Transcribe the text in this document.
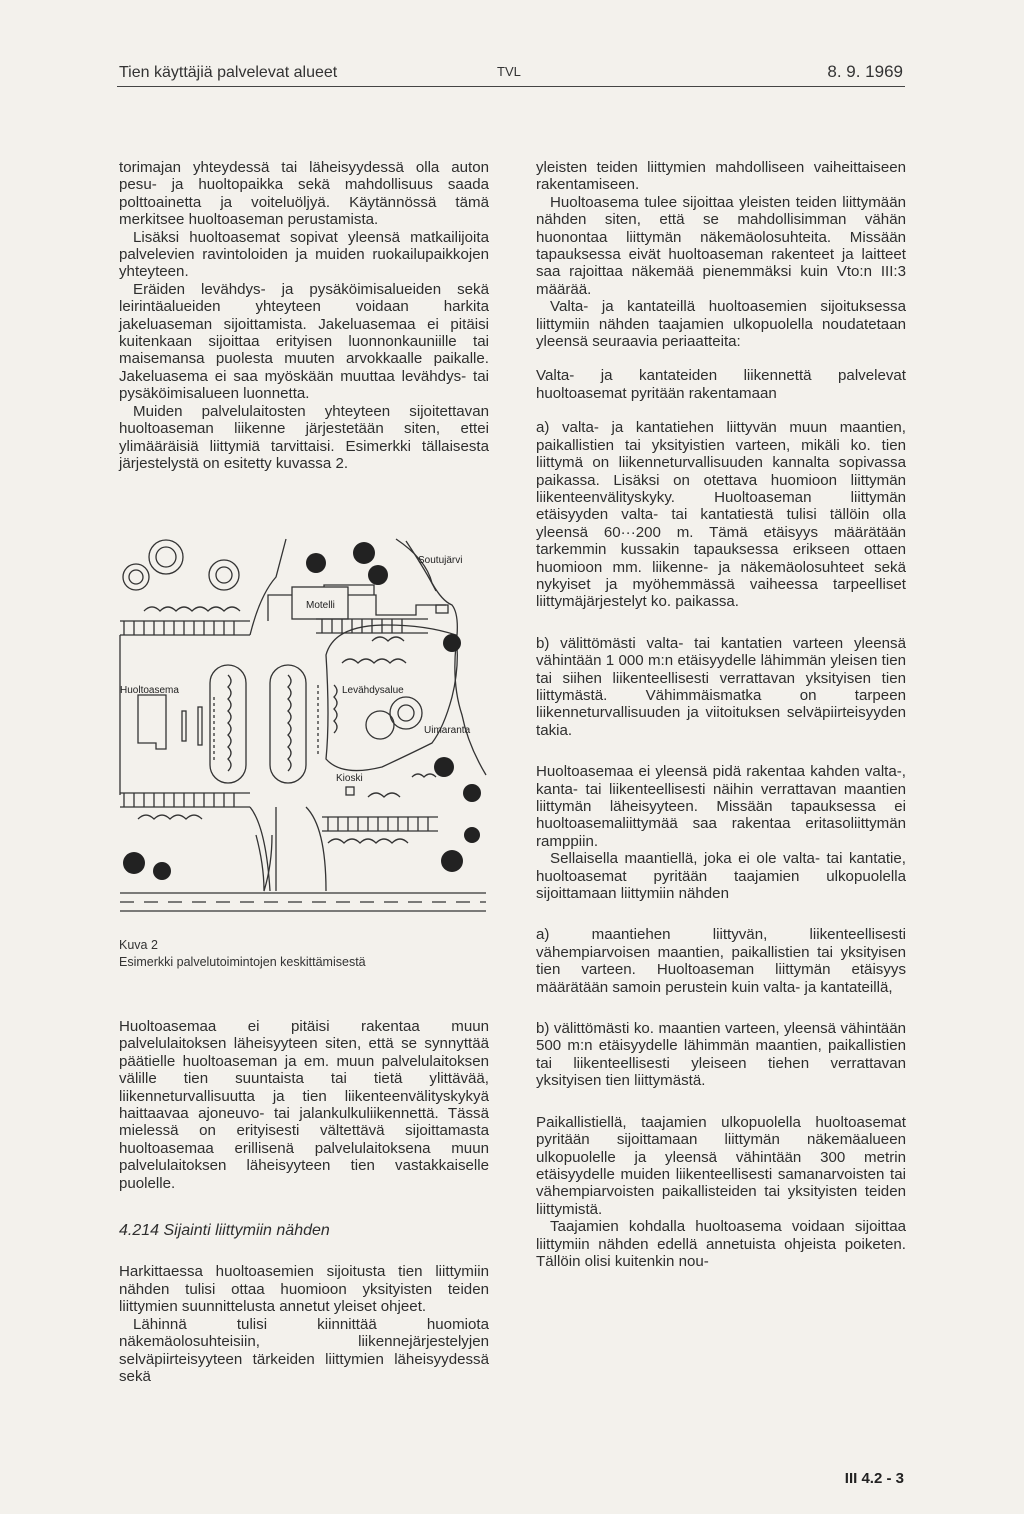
Tien käyttäjiä palvelevat alueet	TVL	8. 9. 1969

torimajan yhteydessä tai läheisyydessä olla auton pesu- ja huoltopaikka sekä mahdollisuus saada polttoainetta ja voiteluöljyä. Käytännössä tämä merkitsee huoltoaseman perustamista.

Lisäksi huoltoasemat sopivat yleensä matkailijoita palvelevien ravintoloiden ja muiden ruokailupaikkojen yhteyteen.

Eräiden levähdys- ja pysäköimisalueiden sekä leirintäalueiden yhteyteen voidaan harkita jakeluaseman sijoittamista. Jakeluasemaa ei pitäisi kuitenkaan sijoittaa erityisen luonnonkauniille tai maisemansa puolesta muuten arvokkaalle paikalle. Jakeluasema ei saa myöskään muuttaa levähdys- tai pysäköimisalueen luonnetta.

Muiden palvelulaitosten yhteyteen sijoitettavan huoltoaseman liikenne järjestetään siten, ettei ylimääräisiä liittymiä tarvittaisi. Esimerkki tällaisesta järjestelystä on esitetty kuvassa 2.

Soutujärvi
Motelli
Huoltoasema	Levähdysalue
Uimaranta
Kioski
Kuva 2
Esimerkki palvelutoimintojen keskittämisestä

Huoltoasemaa ei pitäisi rakentaa muun palvelulaitoksen läheisyyteen siten, että se synnyttää päätielle huoltoaseman ja em. muun palvelulaitoksen välille tien suuntaista tai tietä ylittävää, liikenneturvallisuutta ja tien liikenteenvälityskykyä haittaavaa ajoneuvo- tai jalankulkuliikennettä. Tässä mielessä on erityisesti vältettävä sijoittamasta huoltoasemaa erillisenä palvelulaitoksena muun palvelulaitoksen läheisyyteen tien vastakkaiselle puolelle.

4.214 Sijainti liittymiin nähden

Harkittaessa huoltoasemien sijoitusta tien liittymiin nähden tulisi ottaa huomioon yksityisten teiden liittymien suunnittelusta annetut yleiset ohjeet.

Lähinnä tulisi kiinnittää huomiota näkemäolosuhteisiin, liikennejärjestelyjen selväpiirteisyyteen tärkeiden liittymien läheisyydessä sekä

yleisten teiden liittymien mahdolliseen vaiheittaiseen rakentamiseen.

Huoltoasema tulee sijoittaa yleisten teiden liittymään nähden siten, että se mahdollisimman vähän huonontaa liittymän näkemäolosuhteita. Missään tapauksessa eivät huoltoaseman rakenteet ja laitteet saa rajoittaa näkemää pienemmäksi kuin Vto:n III:3 määrää.

Valta- ja kantateillä huoltoasemien sijoituksessa liittymiin nähden taajamien ulkopuolella noudatetaan yleensä seuraavia periaatteita:

Valta- ja kantateiden liikennettä palvelevat huoltoasemat pyritään rakentamaan

a) valta- ja kantatiehen liittyvän muun maantien, paikallistien tai yksityistien varteen, mikäli ko. tien liittymä on liikenneturvallisuuden kannalta sopivassa paikassa. Lisäksi on otettava huomioon liittymän liikenteenvälityskyky. Huoltoaseman liittymän etäisyyden valta- tai kantatiestä tulisi tällöin olla yleensä 60···200 m. Tämä etäisyys määrätään tarkemmin kussakin tapauksessa erikseen ottaen huomioon mm. liikenne- ja näkemäolosuhteet sekä nykyiset ja myöhemmässä vaiheessa tarpeelliset liittymäjärjestelyt ko. paikassa.

b) välittömästi valta- tai kantatien varteen yleensä vähintään 1 000 m:n etäisyydelle lähimmän yleisen tien tai siihen liikenteellisesti verrattavan yksityisen tien liittymästä. Vähimmäismatka on tarpeen liikenneturvallisuuden ja viitoituksen selväpiirteisyyden takia.

Huoltoasemaa ei yleensä pidä rakentaa kahden valta-, kanta- tai liikenteellisesti näihin verrattavan maantien liittymän läheisyyteen. Missään tapauksessa ei huoltoasemaliittymää saa rakentaa eritasoliittymän ramppiin.

Sellaisella maantiellä, joka ei ole valta- tai kantatie, huoltoasemat pyritään taajamien ulkopuolella sijoittamaan liittymiin nähden

a) maantiehen liittyvän, liikenteellisesti vähempiarvoisen maantien, paikallistien tai yksityisen tien varteen. Huoltoaseman liittymän etäisyys määrätään samoin perustein kuin valta- ja kantateillä,

b) välittömästi ko. maantien varteen, yleensä vähintään 500 m:n etäisyydelle lähimmän maantien, paikallistien tai liikenteellisesti yleiseen tiehen verrattavan yksityisen tien liittymästä.

Paikallistiellä, taajamien ulkopuolella huoltoasemat pyritään sijoittamaan liittymän näkemäalueen ulkopuolelle ja yleensä vähintään 300 metrin etäisyydelle muiden liikenteellisesti samanarvoisten tai vähempiarvoisten paikallisteiden tai yksityisten teiden liittymistä.

Taajamien kohdalla huoltoasema voidaan sijoittaa liittymiin nähden edellä annetuista ohjeista poiketen. Tällöin olisi kuitenkin nou-

III 4.2 - 3
